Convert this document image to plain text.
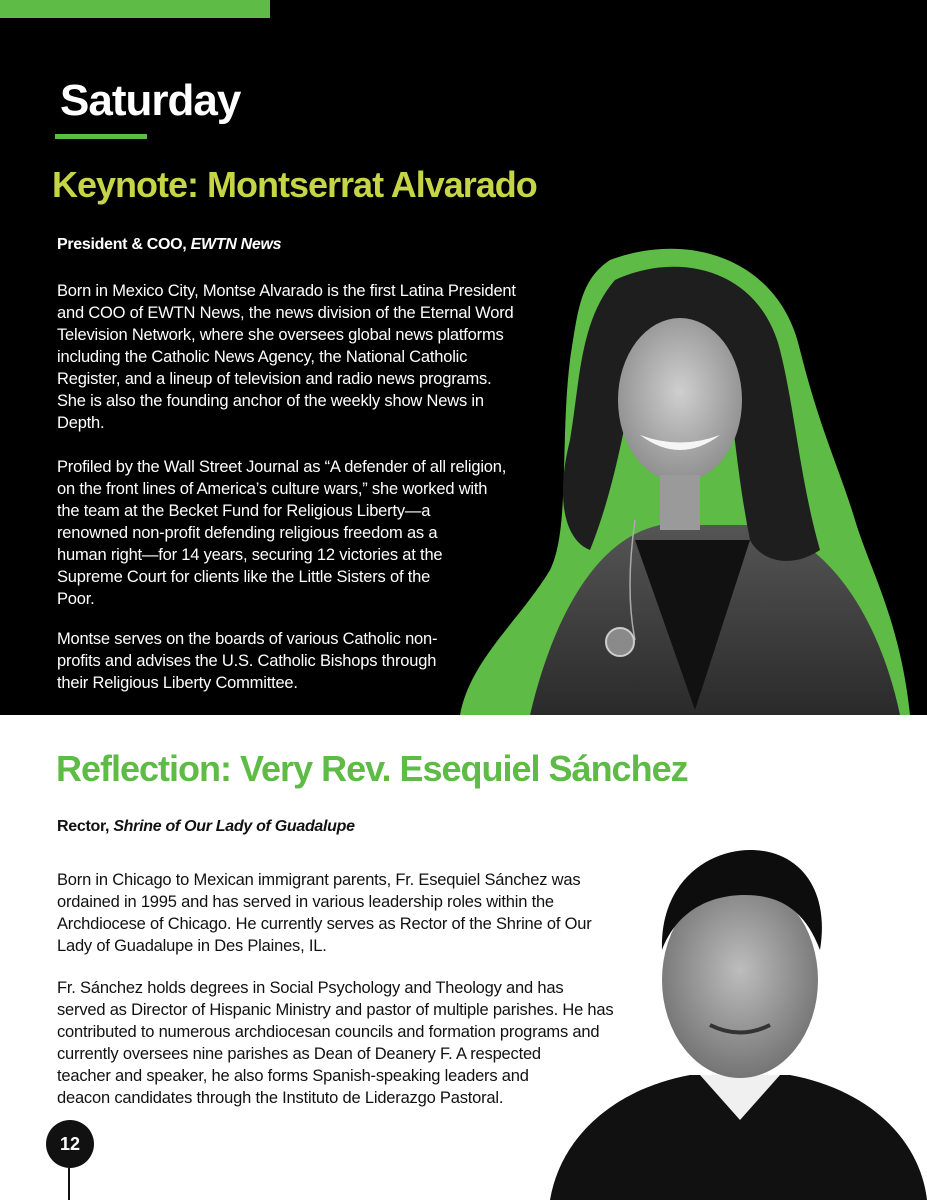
Saturday
Keynote: Montserrat Alvarado

President & COO, EWTN News

Born in Mexico City, Montse Alvarado is the first Latina President
and COO of EWTN News, the news division of the Eternal Word
Television Network, where she oversees global news platforms
including the Catholic News Agency, the National Catholic
Register, and a lineup of television and radio news programs.
She is also the founding anchor of the weekly show News in
Depth.

Profiled by the Wall Street Journal as “A defender of all religion,
on the front lines of America’s culture wars,” she worked with
the team at the Becket Fund for Religious Liberty—a
renowned non-profit defending religious freedom as a
human right—for 14 years, securing 12 victories at the
Supreme Court for clients like the Little Sisters of the
Poor.

Montse serves on the boards of various Catholic non-
profits and advises the U.S. Catholic Bishops through
their Religious Liberty Committee.

Reflection: Very Rev. Esequiel Sánchez

Rector, Shrine of Our Lady of Guadalupe

Born in Chicago to Mexican immigrant parents, Fr. Esequiel Sánchez was
ordained in 1995 and has served in various leadership roles within the
Archdiocese of Chicago. He currently serves as Rector of the Shrine of Our
Lady of Guadalupe in Des Plaines, IL.

Fr. Sánchez holds degrees in Social Psychology and Theology and has
served as Director of Hispanic Ministry and pastor of multiple parishes. He has
contributed to numerous archdiocesan councils and formation programs and
currently oversees nine parishes as Dean of Deanery F. A respected
teacher and speaker, he also forms Spanish-speaking leaders and
deacon candidates through the Instituto de Liderazgo Pastoral.

12
